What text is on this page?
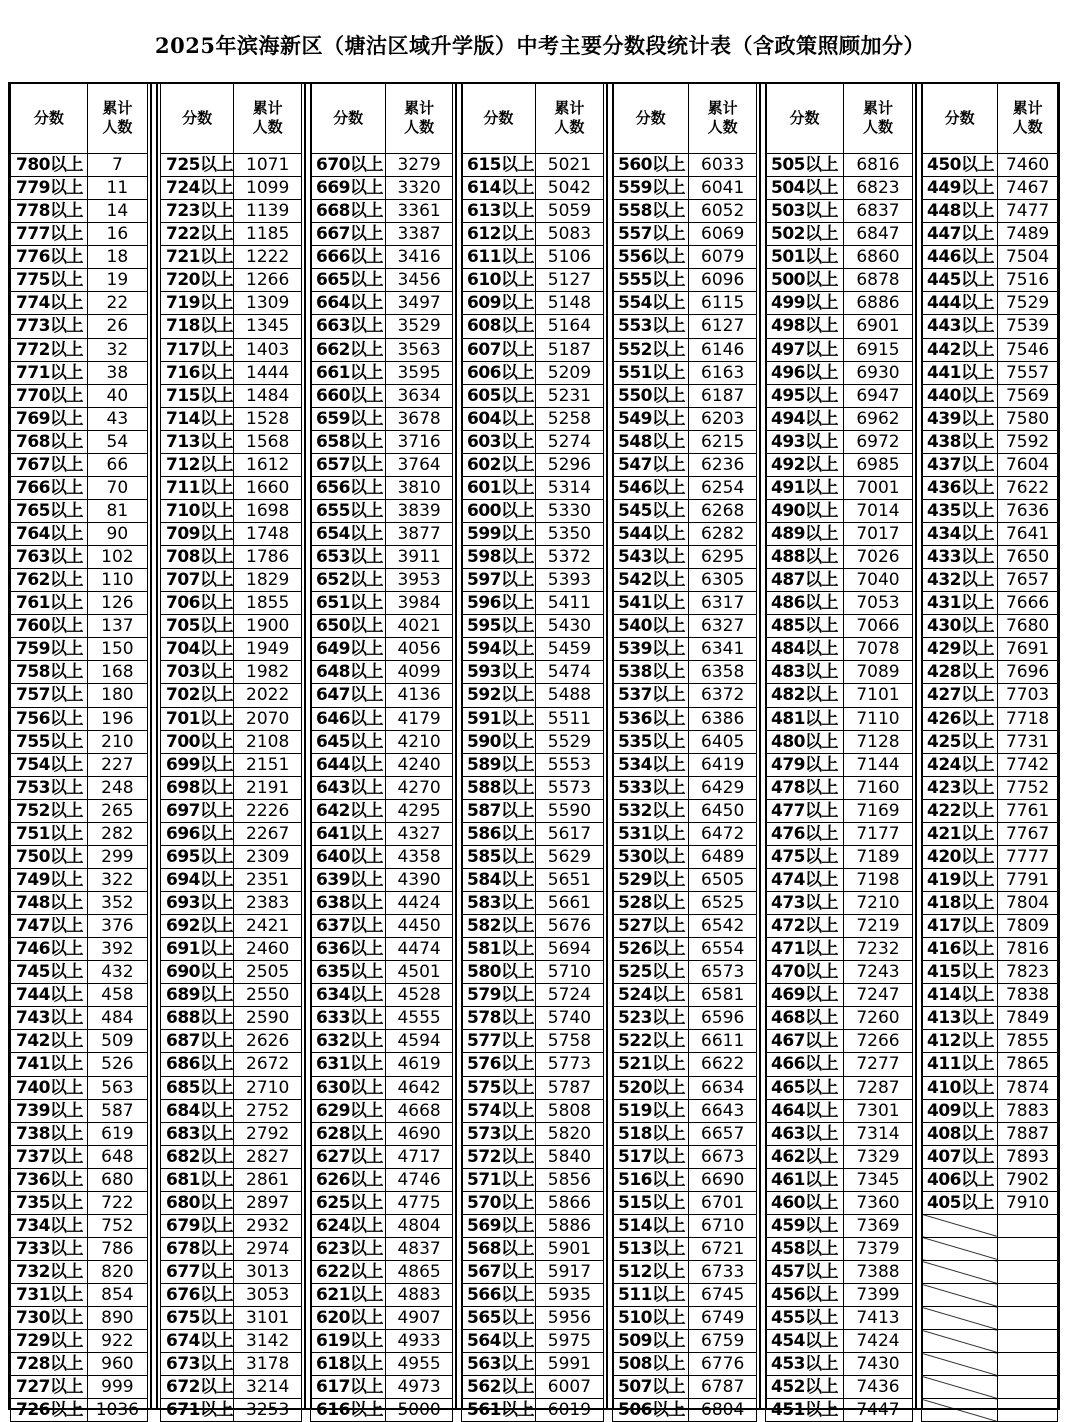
2025年滨海新区（塘沽区域升学版）中考主要分数段统计表（含政策照顾加分）
分数	累计
人数

780以上	7
779以上	11
778以上	14
777以上	16
776以上	18
775以上	19
774以上	22
773以上	26
772以上	32
771以上	38
770以上	40
769以上	43
768以上	54
767以上	66
766以上	70
765以上	81
764以上	90
763以上	102
762以上	110
761以上	126
760以上	137
759以上	150
758以上	168
757以上	180
756以上	196
755以上	210
754以上	227
753以上	248
752以上	265
751以上	282
750以上	299
749以上	322
748以上	352
747以上	376
746以上	392
745以上	432
744以上	458
743以上	484
742以上	509
741以上	526
740以上	563
739以上	587
738以上	619
737以上	648
736以上	680
735以上	722
734以上	752
733以上	786
732以上	820
731以上	854
730以上	890
729以上	922
728以上	960
727以上	999
726以上	1036
分数	累计
人数

725以上	1071
724以上	1099
723以上	1139
722以上	1185
721以上	1222
720以上	1266
719以上	1309
718以上	1345
717以上	1403
716以上	1444
715以上	1484
714以上	1528
713以上	1568
712以上	1612
711以上	1660
710以上	1698
709以上	1748
708以上	1786
707以上	1829
706以上	1855
705以上	1900
704以上	1949
703以上	1982
702以上	2022
701以上	2070
700以上	2108
699以上	2151
698以上	2191
697以上	2226
696以上	2267
695以上	2309
694以上	2351
693以上	2383
692以上	2421
691以上	2460
690以上	2505
689以上	2550
688以上	2590
687以上	2626
686以上	2672
685以上	2710
684以上	2752
683以上	2792
682以上	2827
681以上	2861
680以上	2897
679以上	2932
678以上	2974
677以上	3013
676以上	3053
675以上	3101
674以上	3142
673以上	3178
672以上	3214
671以上	3253
分数	累计
人数

670以上	3279
669以上	3320
668以上	3361
667以上	3387
666以上	3416
665以上	3456
664以上	3497
663以上	3529
662以上	3563
661以上	3595
660以上	3634
659以上	3678
658以上	3716
657以上	3764
656以上	3810
655以上	3839
654以上	3877
653以上	3911
652以上	3953
651以上	3984
650以上	4021
649以上	4056
648以上	4099
647以上	4136
646以上	4179
645以上	4210
644以上	4240
643以上	4270
642以上	4295
641以上	4327
640以上	4358
639以上	4390
638以上	4424
637以上	4450
636以上	4474
635以上	4501
634以上	4528
633以上	4555
632以上	4594
631以上	4619
630以上	4642
629以上	4668
628以上	4690
627以上	4717
626以上	4746
625以上	4775
624以上	4804
623以上	4837
622以上	4865
621以上	4883
620以上	4907
619以上	4933
618以上	4955
617以上	4973
616以上	5000
分数	累计
人数

615以上	5021
614以上	5042
613以上	5059
612以上	5083
611以上	5106
610以上	5127
609以上	5148
608以上	5164
607以上	5187
606以上	5209
605以上	5231
604以上	5258
603以上	5274
602以上	5296
601以上	5314
600以上	5330
599以上	5350
598以上	5372
597以上	5393
596以上	5411
595以上	5430
594以上	5459
593以上	5474
592以上	5488
591以上	5511
590以上	5529
589以上	5553
588以上	5573
587以上	5590
586以上	5617
585以上	5629
584以上	5651
583以上	5661
582以上	5676
581以上	5694
580以上	5710
579以上	5724
578以上	5740
577以上	5758
576以上	5773
575以上	5787
574以上	5808
573以上	5820
572以上	5840
571以上	5856
570以上	5866
569以上	5886
568以上	5901
567以上	5917
566以上	5935
565以上	5956
564以上	5975
563以上	5991
562以上	6007
561以上	6019
分数	累计
人数

560以上	6033
559以上	6041
558以上	6052
557以上	6069
556以上	6079
555以上	6096
554以上	6115
553以上	6127
552以上	6146
551以上	6163
550以上	6187
549以上	6203
548以上	6215
547以上	6236
546以上	6254
545以上	6268
544以上	6282
543以上	6295
542以上	6305
541以上	6317
540以上	6327
539以上	6341
538以上	6358
537以上	6372
536以上	6386
535以上	6405
534以上	6419
533以上	6429
532以上	6450
531以上	6472
530以上	6489
529以上	6505
528以上	6525
527以上	6542
526以上	6554
525以上	6573
524以上	6581
523以上	6596
522以上	6611
521以上	6622
520以上	6634
519以上	6643
518以上	6657
517以上	6673
516以上	6690
515以上	6701
514以上	6710
513以上	6721
512以上	6733
511以上	6745
510以上	6749
509以上	6759
508以上	6776
507以上	6787
506以上	6804
分数	累计
人数

505以上	6816
504以上	6823
503以上	6837
502以上	6847
501以上	6860
500以上	6878
499以上	6886
498以上	6901
497以上	6915
496以上	6930
495以上	6947
494以上	6962
493以上	6972
492以上	6985
491以上	7001
490以上	7014
489以上	7017
488以上	7026
487以上	7040
486以上	7053
485以上	7066
484以上	7078
483以上	7089
482以上	7101
481以上	7110
480以上	7128
479以上	7144
478以上	7160
477以上	7169
476以上	7177
475以上	7189
474以上	7198
473以上	7210
472以上	7219
471以上	7232
470以上	7243
469以上	7247
468以上	7260
467以上	7266
466以上	7277
465以上	7287
464以上	7301
463以上	7314
462以上	7329
461以上	7345
460以上	7360
459以上	7369
458以上	7379
457以上	7388
456以上	7399
455以上	7413
454以上	7424
453以上	7430
452以上	7436
451以上	7447
分数	累计
人数

450以上	7460
449以上	7467
448以上	7477
447以上	7489
446以上	7504
445以上	7516
444以上	7529
443以上	7539
442以上	7546
441以上	7557
440以上	7569
439以上	7580
438以上	7592
437以上	7604
436以上	7622
435以上	7636
434以上	7641
433以上	7650
432以上	7657
431以上	7666
430以上	7680
429以上	7691
428以上	7696
427以上	7703
426以上	7718
425以上	7731
424以上	7742
423以上	7752
422以上	7761
421以上	7767
420以上	7777
419以上	7791
418以上	7804
417以上	7809
416以上	7816
415以上	7823
414以上	7838
413以上	7849
412以上	7855
411以上	7865
410以上	7874
409以上	7883
408以上	7887
407以上	7893
406以上	7902
405以上	7910
